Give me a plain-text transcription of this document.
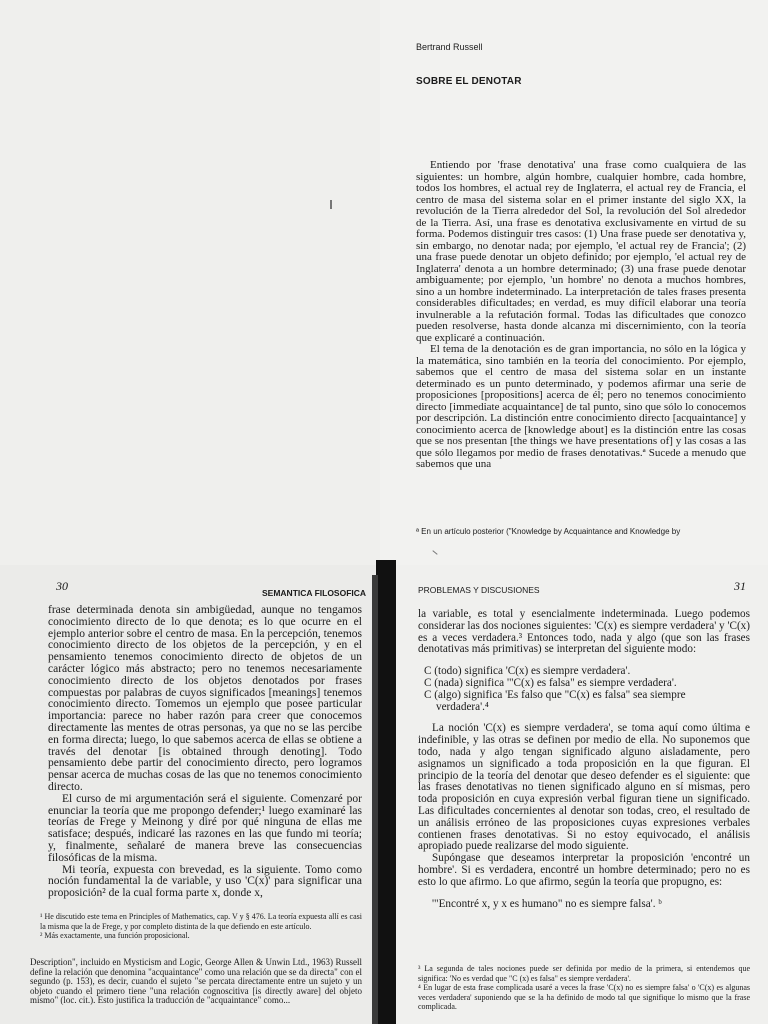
Bertrand Russell
SOBRE EL DENOTAR

Entiendo por 'frase denotativa' una frase como cualquiera de las siguientes: un hombre, algún hombre, cualquier hombre, cada hombre, todos los hombres, el actual rey de Inglaterra, el actual rey de Francia, el centro de masa del sistema solar en el primer instante del siglo XX, la revolución de la Tierra alrededor del Sol, la revolución del Sol alrededor de la Tierra. Así, una frase es denotativa exclusivamente en virtud de su forma. Podemos distinguir tres casos: (1) Una frase puede ser denotativa y, sin embargo, no denotar nada; por ejemplo, 'el actual rey de Francia'; (2) una frase puede denotar un objeto definido; por ejemplo, 'el actual rey de Inglaterra' denota a un hombre determinado; (3) una frase puede denotar ambiguamente; por ejemplo, 'un hombre' no denota a muchos hombres, sino a un hombre indeterminado. La interpretación de tales frases presenta considerables dificultades; en verdad, es muy difícil elaborar una teoría invulnerable a la refutación formal. Todas las dificultades que conozco pueden resolverse, hasta donde alcanza mi discernimiento, con la teoría que explicaré a continuación.

El tema de la denotación es de gran importancia, no sólo en la lógica y la matemática, sino también en la teoría del conocimiento. Por ejemplo, sabemos que el centro de masa del sistema solar en un instante determinado es un punto determinado, y podemos afirmar una serie de proposiciones [propositions] acerca de él; pero no tenemos conocimiento directo [immediate acquaintance] de tal punto, sino que sólo lo conocemos por descripción. La distinción entre conocimiento directo [acquaintance] y conocimiento acerca de [knowledge about] es la distinción entre las cosas que se nos presentan [the things we have presentations of] y las cosas a las que sólo llegamos por medio de frases denotativas.ª Sucede a menudo que sabemos que una

ª En un artículo posterior ("Knowledge by Acquaintance and Knowledge by
30	SEMANTICA FILOSOFICA

frase determinada denota sin ambigüedad, aunque no tengamos conocimiento directo de lo que denota; es lo que ocurre en el ejemplo anterior sobre el centro de masa. En la percepción, tenemos conocimiento directo de los objetos de la percepción, y en el pensamiento tenemos conocimiento directo de objetos de un carácter lógico más abstracto; pero no tenemos necesariamente conocimiento directo de los objetos denotados por frases compuestas por palabras de cuyos significados [meanings] tenemos conocimiento directo. Tomemos un ejemplo que posee particular importancia: parece no haber razón para creer que conocemos directamente las mentes de otras personas, ya que no se las percibe en forma directa; luego, lo que sabemos acerca de ellas se obtiene a través del denotar [is obtained through denoting]. Todo pensamiento debe partir del conocimiento directo, pero logramos pensar acerca de muchas cosas de las que no tenemos conocimiento directo.

El curso de mi argumentación será el siguiente. Comenzaré por enunciar la teoría que me propongo defender;¹ luego examinaré las teorías de Frege y Meinong y diré por qué ninguna de ellas me satisface; después, indicaré las razones en las que fundo mi teoría; y, finalmente, señalaré de manera breve las consecuencias filosóficas de la misma.

Mi teoría, expuesta con brevedad, es la siguiente. Tomo como noción fundamental la de variable, y uso 'C(x)' para significar una proposición² de la cual forma parte x, donde x,

¹ He discutido este tema en Principles of Mathematics, cap. V y § 476. La teoría expuesta allí es casi la misma que la de Frege, y por completo distinta de la que defiendo en este artículo.

² Más exactamente, una función proposicional.

Description", incluido en Mysticism and Logic, George Allen & Unwin Ltd., 1963) Russell define la relación que denomina "acquaintance" como una relación que se da directa" con el segundo (p. 153), es decir, cuando el sujeto "se percata directamente entre un sujeto y un objeto cuando el primero tiene "una relación cognoscitiva [is directly aware] del objeto mismo" (loc. cit.). Esto justifica la traducción de "acquaintance" como...
PROBLEMAS Y DISCUSIONES	31

la variable, es total y esencialmente indeterminada. Luego podemos considerar las dos nociones siguientes: 'C(x) es siempre verdadera' y 'C(x) es a veces verdadera.³ Entonces todo, nada y algo (que son las frases denotativas más primitivas) se interpretan del siguiente modo:

C (todo) significa 'C(x) es siempre verdadera'.

C (nada) significa '"C(x) es falsa" es siempre verdadera'.

C (algo) significa 'Es falso que "C(x) es falsa" sea siempre

verdadera'.⁴

La noción 'C(x) es siempre verdadera', se toma aquí como última e indefinible, y las otras se definen por medio de ella. No suponemos que todo, nada y algo tengan significado alguno aisladamente, pero asignamos un significado a toda proposición en la que figuran. El principio de la teoría del denotar que deseo defender es el siguiente: que las frases denotativas no tienen significado alguno en sí mismas, pero toda proposición en cuya expresión verbal figuran tiene un significado. Las dificultades concernientes al denotar son todas, creo, el resultado de un análisis erróneo de las proposiciones cuyas expresiones verbales contienen frases denotativas. Si no estoy equivocado, el análisis apropiado puede realizarse del modo siguiente.

Supóngase que deseamos interpretar la proposición 'encontré un hombre'. Si es verdadera, encontré un hombre determinado; pero no es esto lo que afirmo. Lo que afirmo, según la teoría que propugno, es:

'"Encontré x, y x es humano" no es siempre falsa'. ᵇ

³ La segunda de tales nociones puede ser definida por medio de la primera, si entendemos que significa: 'No es verdad que "C (x) es falsa" es siempre verdadera'.

⁴ En lugar de esta frase complicada usaré a veces la frase 'C(x) no es siempre falsa' o 'C(x) es algunas veces verdadera' suponiendo que se la ha definido de modo tal que signifique lo mismo que la frase complicada.
